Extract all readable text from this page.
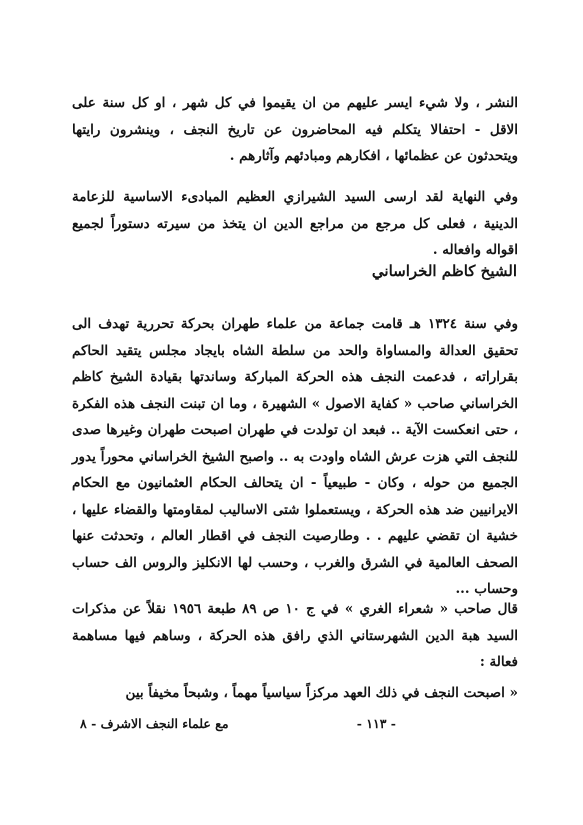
النشر ، ولا شيء ايسر عليهم من ان يقيموا في كل شهر ، او كل سنة على الاقل - احتفالا يتكلم فيه المحاضرون عن تاريخ النجف ، وينشرون رايتها ويتحدثون عن عظمائها ، افكارهم ومبادئهم وآثارهم .

وفي النهاية لقد ارسى السيد الشيرازي العظيم المبادىء الاساسية للزعامة الدينية ، فعلى كل مرجع من مراجع الدين ان يتخذ من سيرته دستوراً لجميع اقواله وافعاله .

الشيخ كاظم الخراساني

وفي سنة ١٣٢٤ هـ قامت جماعة من علماء طهران بحركة تحررية تهدف الى تحقيق العدالة والمساواة والحد من سلطة الشاه بايجاد مجلس يتقيد الحاكم بقراراته ، فدعمت النجف هذه الحركة المباركة وساندتها بقيادة الشيخ كاظم الخراساني صاحب « كفاية الاصول » الشهيرة ، وما ان تبنت النجف هذه الفكرة ، حتى انعكست الآية .. فبعد ان تولدت في طهران اصبحت طهران وغيرها صدى للنجف التي هزت عرش الشاه واودت به .. واصبح الشيخ الخراساني محوراً يدور الجميع من حوله ، وكان - طبيعياً - ان يتحالف الحكام العثمانيون مع الحكام الايرانيين ضد هذه الحركة ، ويستعملوا شتى الاساليب لمقاومتها والقضاء عليها ، خشية ان تقضي عليهم . . وطارصيت النجف في اقطار العالم ، وتحدثت عنها الصحف العالمية في الشرق والغرب ، وحسب لها الانكليز والروس الف حساب وحساب ...

قال صاحب « شعراء الغري » في ج ١٠ ص ٨٩ طبعة ١٩٥٦ نقلاً عن مذكرات السيد هبة الدين الشهرستاني الذي رافق هذه الحركة ، وساهم فيها مساهمة فعالة :

« اصبحت النجف في ذلك العهد مركزاً سياسياً مهماً ، وشبحاً مخيفاً بين

- ١١٣ -
مع علماء النجف الاشرف - ٨
